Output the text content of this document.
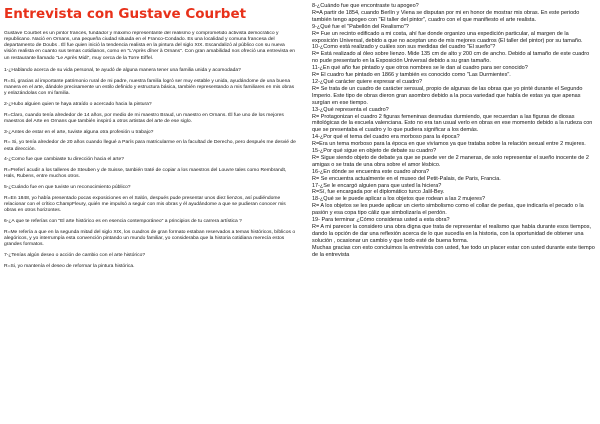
Entrevista con Gustave Courbet

Gustave Courbet es un pintor francés, fundador y máximo representante del realismo y comprometido activista democrático y republicano. Nació en Ornans, una pequeña ciudad situada en el Franco-Condado. Es una localidad y comuna francesa del departamento de Doubs . Él fue quien inició la tendencia realista en la pintura del siglo XIX. Escandalizó al público con su nueva visión realista en cuanto sus temas cotidianos, como en "L'Après dîner à Ornans". Con gran amabilidad nos ofreció una entrevista en un restaurante llamado "Le Après Midi", muy cerca de la Torre Eiffel.

1-¿Hablando acerca de su vida personal, te ayudó de alguna manera tener una familia unida y acomodada?

R=Si, gracias al importante patrimonio rural de mi padre, nuestra familia logró ser muy estable y unida, ayudándome de una buena manera en el arte, dándole precisamente un estilo definido y estructura básica, también representando a mis familiares en mis obras y enlazándolas con mi familia.

2-¿Hubo alguien quien te haya atraído o acercado hacia la pintura?

R=Claro, cuando tenía alrededor de 14 años, por medio de mi maestro Braud, un maestro en Ornans. Él fue uno de los mejores maestros del Arte en Ornans que también inspiró a otros artistas del arte de ese siglo.

3-¿Antes de estar en el arte, tuviste alguna otra profesión u trabajo?

R= Si, yo tenía alrededor de 20 años cuando llegué a París para matricularme en la facultad de Derecho, pero después me desvié de esta dirección.

4-¿Como fue que cambiaste tu dirección hacia el arte?

R=Preferí acudir a los talleres de Steuben y de Suisse, también traté de copiar a los maestros del Louvre tales como Rembrandt, Hals, Rubens, entre muchos otros.

5-¿Cuándo fue en que tuviste un reconocimiento público?

R=En 1848, yo había presentado pocas exposiciones en el Salón, después pude presentar unos diez lienzos, así pudiéndome relacionar con el crítico ChampFleury, quién me impulsó a seguir con mis obras y él ayudándome a que se pudieran conocer mis obras en otros horizontes.

6-¿A que te referías con "El arte histórico es en esencia contemporáneo" a principios de tu carrera artística ?

R=Me refería a que en la segunda mitad del siglo XIX, los cuadros de gran formato estaban reservados a temas históricos, bíblicos o alegóricos, y yo interrumpía esta convención pintando un mundo familiar, yo consideraba que la historia cotidiana merecía estos grandes formatos.

7-¿Tenías algún deseo o acción de cambio con el arte histórico?

R=Si, yo mantenía el deseo de reformar la pintura histórica.

8-¿Cuándo fue que encontraste tu apogeo?

R=A partir de 1854, cuando Berlín y Viena se disputan por mi en honor de mostrar mis obras. En este periodo también tengo apogeo con "El taller del pintor", cuadro con el que manifiesto el arte realista.

9-¿Qué fue el "Pabellón del Realismo"?

R= Fue un recinto edificado a mi costa, ahí fue donde organizo una expedición particular, al margen de la exposición Universal, debido a que no aceptan uno de mis mejores cuadros (El taller del pintor) por su tamaño.

10-¿Como está realizado y cuáles son sus medidas del cuadro "El sueño"?

R= Está realizado al óleo sobre lienzo. Mide 135 cm de alto y 200 cm de ancho. Debido al tamaño de este cuadro no pude presentarlo en la Exposición Universal debido a su gran tamaño.

11-¿En qué año fue pintado y que otros nombres se le dan al cuadro para ser conocido?

R= El cuadro fue pintado en 1866 y también es conocido como "Las Durmientes".

12-¿Qué carácter quiere expresar el cuadro?

R= Se trata de un cuadro de carácter sensual, propio de algunas de las obras que yo pinté durante el Segundo Imperio. Este tipo de obras dieron gran asombro debido a la poca variedad que había de estas ya que apenas surgían en ese tiempo.

13-¿Qué representa el cuadro?

R= Protagonizan el cuadro 2 figuras femeninas desnudas durmiendo, que recuerdan a las figuras de diosas mitológicas de la escuela valenciana. Esto no era tan usual verlo en obras en ese momento debido a la rudeza con que se presentaba el cuadro y lo que pudiera significar a los demás.

14-¿Por qué el tema del cuadro era morboso para la época?

R=Era un tema morboso para la época en que vivíamos ya que trataba sobre la relación sexual entre 2 mujeres.

15-¿Por qué sigue en objeto de debate su cuadro?

R= Sigue siendo objeto de debate ya que se puede ver de 2 maneras, de solo representar el sueño inocente de 2 amigas o se trata de una obra sobre el amor lésbico.

16-¿En dónde se encuentra este cuadro ahora?

R= Se encuentra actualmente en el museo del Petit-Palais, de Paris, Francia.

17-¿Se le encargó alguien para que usted la hiciera?

R=Sí, fue encargada por el diplomático turco Jalil-Bey.

18-¿Qué se le puede aplicar a los objetos que rodean a las 2 mujeres?

R= A los objetos se les puede aplicar un cierto simbolismo como el collar de perlas, que indicaría el pecado o la pasión y esa copa tipo cáliz que simbolizaría el perdón.

19- Para terminar ¿Cómo consideras usted a esta obra?

R= A mi parecer la considero una obra digna que trata de representar el realismo que había durante esos tiempos, dando la opción de dar una reflexión acerca de lo que sucedía en la historia, con la oportunidad de obtener una solución , ocasionar un cambio y que todo esté de buena forma.

Muchas gracias con esto concluimos la entrevista con usted, fue todo un placer estar con usted durante este tiempo de la entrevista
